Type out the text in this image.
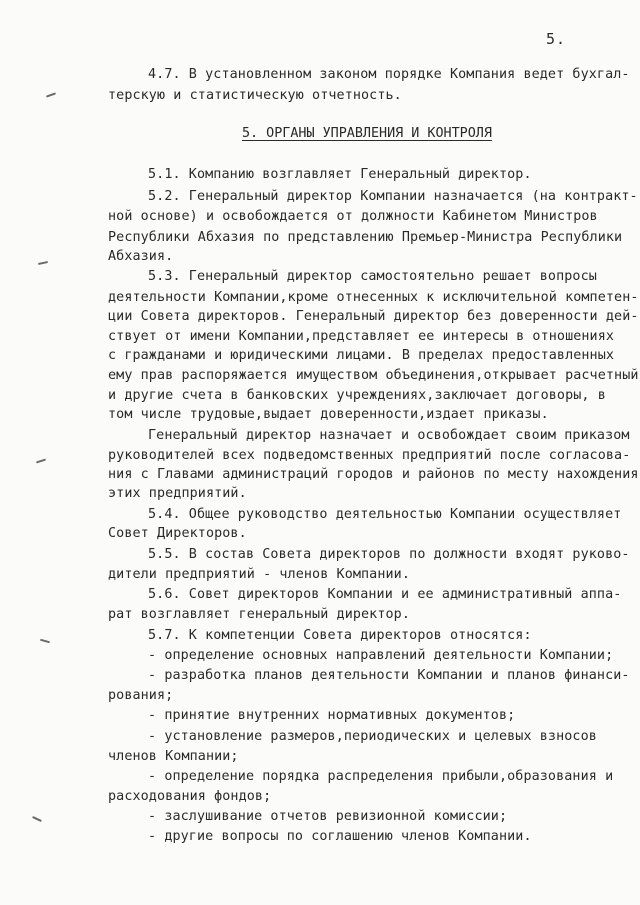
5.
4.7. В установленном законом порядке Компания ведет бухгал-
терскую и статистическую отчетность.
5. ОРГАНЫ УПРАВЛЕНИЯ И КОНТРОЛЯ
5.1. Компанию возглавляет Генеральный директор.
5.2. Генеральный директор Компании назначается (на контракт-
ной основе) и освобождается от должности Кабинетом Министров
Республики Абхазия по представлению Премьер-Министра Республики
Абхазия.
5.3. Генеральный директор самостоятельно решает вопросы
деятельности Компании,кроме отнесенных к исключительной компетен-
ции Совета директоров. Генеральный директор без доверенности дей-
ствует от имени Компании,представляет ее интересы в отношениях
с гражданами и юридическими лицами. В пределах предоставленных
ему прав распоряжается имуществом объединения,открывает расчетный
и другие счета в банковских учреждениях,заключает договоры, в
том числе трудовые,выдает доверенности,издает приказы.
Генеральный директор назначает и освобождает своим приказом
руководителей всех подведомственных предприятий после согласова-
ния с Главами администраций городов и районов по месту нахождения
этих предприятий.
5.4. Общее руководство деятельностью Компании осуществляет
Совет Директоров.
5.5. В состав Совета директоров по должности входят руково-
дители предприятий - членов Компании.
5.6. Совет директоров Компании и ее административный аппа-
рат возглавляет генеральный директор.
5.7. К компетенции Совета директоров относятся:
- определение основных направлений деятельности Компании;
- разработка планов деятельности Компании и планов финанси-
рования;
- принятие внутренних нормативных документов;
- установление размеров,периодических и целевых взносов
членов Компании;
- определение порядка распределения прибыли,образования и
расходования фондов;
- заслушивание отчетов ревизионной комиссии;
- другие вопросы по соглашению членов Компании.
